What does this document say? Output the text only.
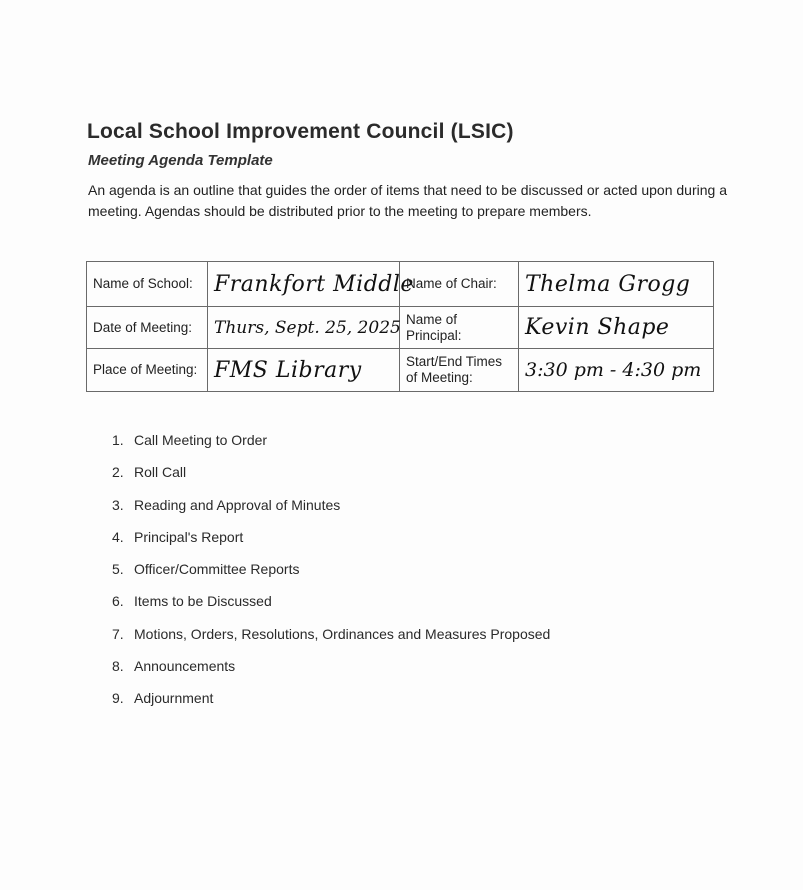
Local School Improvement Council (LSIC)
Meeting Agenda Template

An agenda is an outline that guides the order of items that need to be discussed or acted upon during a meeting. Agendas should be distributed prior to the meeting to prepare members.

Name of School:	Frankfort Middle	Name of Chair:	Thelma Grogg
Date of Meeting:	Thurs, Sept. 25, 2025	Name of Principal:	Kevin Shape
Place of Meeting:	FMS Library	Start/End Times of Meeting:	3:30 pm - 4:30 pm
1. Call Meeting to Order
2. Roll Call
3. Reading and Approval of Minutes
4. Principal's Report
5. Officer/Committee Reports
6. Items to be Discussed
7. Motions, Orders, Resolutions, Ordinances and Measures Proposed
8. Announcements
9. Adjournment
